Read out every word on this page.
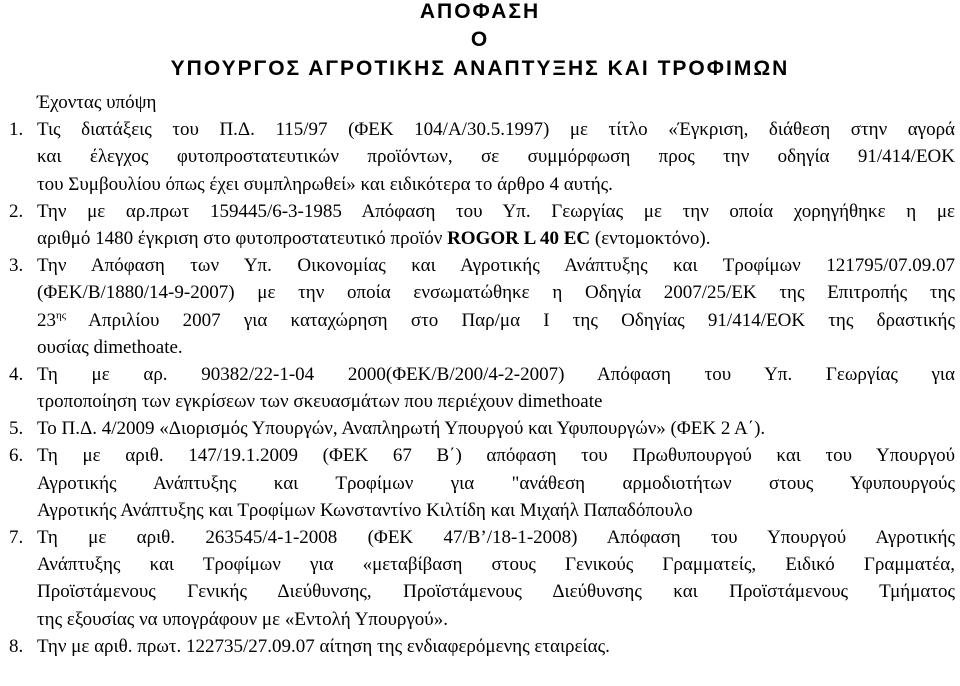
ΑΠΟΦΑΣΗ
Ο
ΥΠΟΥΡΓΟΣ ΑΓΡΟΤΙΚΗΣ ΑΝΑΠΤΥΞΗΣ ΚΑΙ ΤΡΟΦΙΜΩΝ
Έχοντας υπόψη
1. Τις διατάξεις του Π.Δ. 115/97 (ΦΕΚ 104/Α/30.5.1997) με τίτλο «Έγκριση, διάθεση στην αγορά
και έλεγχος φυτοπροστατευτικών προϊόντων, σε συμμόρφωση προς την οδηγία 91/414/ΕΟΚ
του Συμβουλίου όπως έχει συμπληρωθεί» και ειδικότερα το άρθρο 4 αυτής.
2. Την με αρ.πρωτ 159445/6-3-1985 Απόφαση του Υπ. Γεωργίας με την οποία χορηγήθηκε η με
αριθμό 1480 έγκριση στο φυτοπροστατευτικό προϊόν ROGOR L 40 EC (εντομοκτόνο).
3. Την Απόφαση των Υπ. Οικονομίας και Αγροτικής Ανάπτυξης και Τροφίμων 121795/07.09.07
(ΦΕΚ/Β/1880/14-9-2007) με την οποία ενσωματώθηκε η Οδηγία 2007/25/ΕΚ της Επιτροπής της
$23^{\eta\varsigma}$ Απριλίου 2007 για καταχώρηση στο Παρ/μα Ι της Οδηγίας 91/414/ΕΟΚ της δραστικής
ουσίας dimethoate.
4. Τη με αρ. 90382/22-1-04 2000(ΦΕΚ/Β/200/4-2-2007) Απόφαση του Υπ. Γεωργίας για
τροποποίηση των εγκρίσεων των σκευασμάτων που περιέχουν dimethoate
5. Το Π.Δ. 4/2009 «Διορισμός Υπουργών, Αναπληρωτή Υπουργού και Υφυπουργών» (ΦΕΚ 2 Α΄).
6. Τη με αριθ. 147/19.1.2009 (ΦΕΚ 67 Β΄) απόφαση του Πρωθυπουργού και του Υπουργού
Αγροτικής Ανάπτυξης και Τροφίμων για "ανάθεση αρμοδιοτήτων στους Υφυπουργούς
Αγροτικής Ανάπτυξης και Τροφίμων Κωνσταντίνο Κιλτίδη και Μιχαήλ Παπαδόπουλο
7. Τη με αριθ. 263545/4-1-2008 (ΦΕΚ 47/Β’/18-1-2008) Απόφαση του Υπουργού Αγροτικής
Ανάπτυξης και Τροφίμων για «μεταβίβαση στους Γενικούς Γραμματείς, Ειδικό Γραμματέα,
Προϊστάμενους Γενικής Διεύθυνσης, Προϊστάμενους Διεύθυνσης και Προϊστάμενους Τμήματος
της εξουσίας να υπογράφουν με «Εντολή Υπουργού».
8. Την με αριθ. πρωτ. 122735/27.09.07 αίτηση της ενδιαφερόμενης εταιρείας.
